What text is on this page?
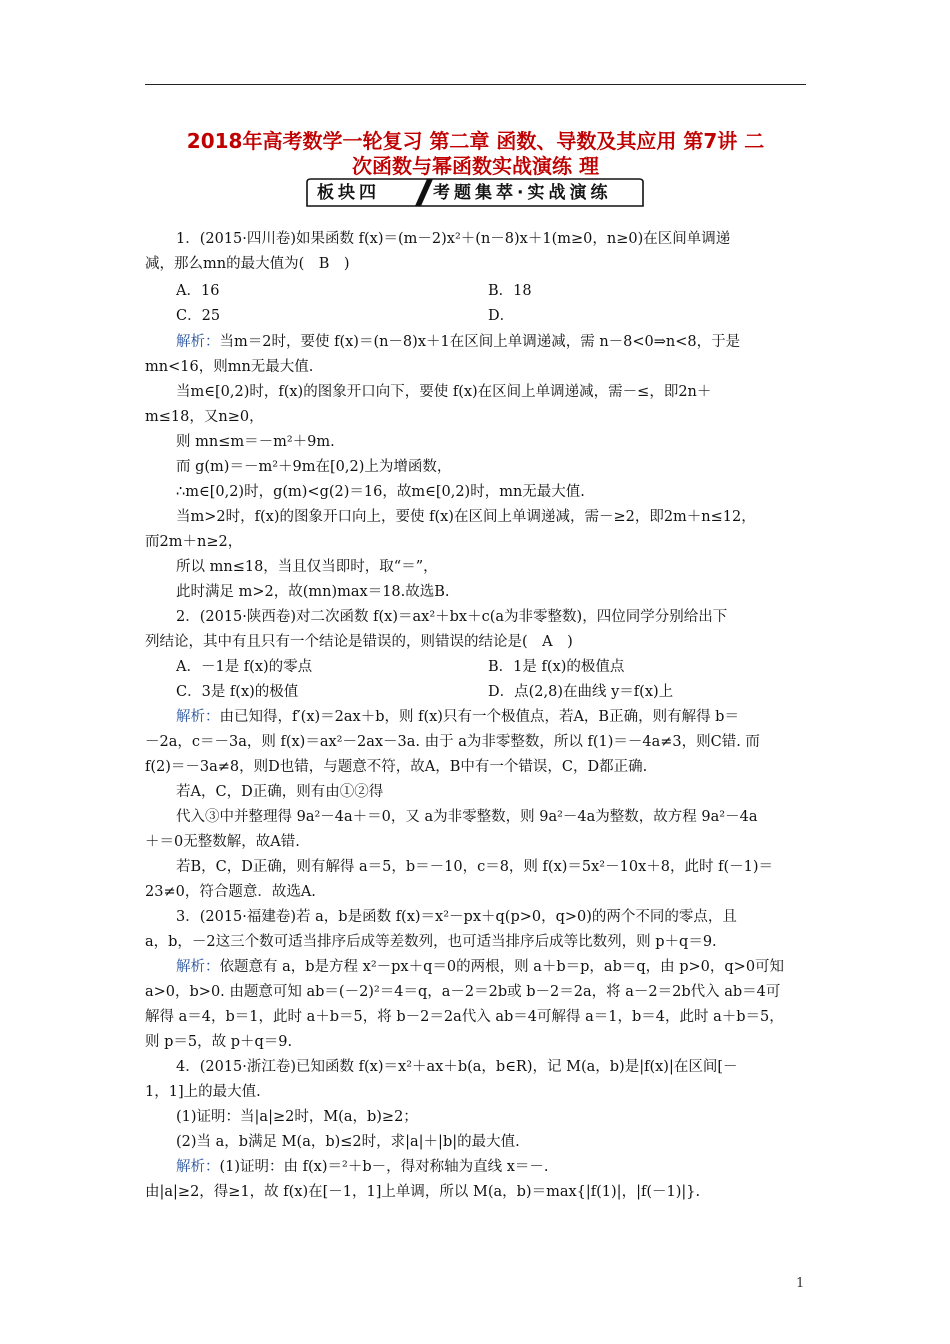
2018年高考数学一轮复习 第二章 函数、导数及其应用 第7讲 二
次函数与幂函数实战演练 理
板块四	考题集萃·实战演练
1．(2015·四川卷)如果函数 f(x)＝(m－2)x²＋(n－8)x＋1(m≥0，n≥0)在区间单调递
减，那么mn的最大值为(　B　)
A．16	B．18
C．25	D．
解析：当m＝2时，要使 f(x)＝(n－8)x＋1在区间上单调递减，需 n－8<0⇒n<8，于是
mn<16，则mn无最大值.
当m∈[0,2)时，f(x)的图象开口向下，要使 f(x)在区间上单调递减，需－≤，即2n＋
m≤18，又n≥0，
则 mn≤m＝－m²＋9m.
而 g(m)＝－m²＋9m在[0,2)上为增函数，
∴m∈[0,2)时，g(m)<g(2)＝16，故m∈[0,2)时，mn无最大值.
当m>2时，f(x)的图象开口向上，要使 f(x)在区间上单调递减，需－≥2，即2m＋n≤12，
而2m＋n≥2，
所以 mn≤18，当且仅当即时，取“＝”，
此时满足 m>2，故(mn)max＝18.故选B.
2．(2015·陕西卷)对二次函数 f(x)＝ax²＋bx＋c(a为非零整数)，四位同学分别给出下
列结论，其中有且只有一个结论是错误的，则错误的结论是(　A　)
A．－1是 f(x)的零点	B．1是 f(x)的极值点
C．3是 f(x)的极值	D．点(2,8)在曲线 y＝f(x)上
解析：由已知得，f′(x)＝2ax＋b，则 f(x)只有一个极值点，若A，B正确，则有解得 b＝
－2a，c＝－3a，则 f(x)＝ax²－2ax－3a. 由于 a为非零整数，所以 f(1)＝－4a≠3，则C错. 而
f(2)＝－3a≠8，则D也错，与题意不符，故A，B中有一个错误，C，D都正确.
若A，C，D正确，则有由①②得
代入③中并整理得 9a²－4a＋＝0，又 a为非零整数，则 9a²－4a为整数，故方程 9a²－4a
＋＝0无整数解，故A错.
若B，C，D正确，则有解得 a＝5，b＝－10，c＝8，则 f(x)＝5x²－10x＋8，此时 f(－1)＝
23≠0，符合题意．故选A.
3．(2015·福建卷)若 a，b是函数 f(x)＝x²－px＋q(p>0，q>0)的两个不同的零点，且
a，b，－2这三个数可适当排序后成等差数列，也可适当排序后成等比数列，则 p＋q＝9.
解析：依题意有 a，b是方程 x²－px＋q＝0的两根，则 a＋b＝p，ab＝q，由 p>0，q>0可知
a>0，b>0. 由题意可知 ab＝(－2)²＝4＝q，a－2＝2b或 b－2＝2a，将 a－2＝2b代入 ab＝4可
解得 a＝4，b＝1，此时 a＋b＝5，将 b－2＝2a代入 ab＝4可解得 a＝1，b＝4，此时 a＋b＝5，
则 p＝5，故 p＋q＝9.
4．(2015·浙江卷)已知函数 f(x)＝x²＋ax＋b(a，b∈R)，记 M(a，b)是|f(x)|在区间[－
1，1]上的最大值.
(1)证明：当|a|≥2时，M(a，b)≥2；
(2)当 a，b满足 M(a，b)≤2时，求|a|＋|b|的最大值.
解析：(1)证明：由 f(x)＝²＋b－，得对称轴为直线 x＝－.
由|a|≥2，得≥1，故 f(x)在[－1，1]上单调，所以 M(a，b)＝max{|f(1)|，|f(－1)|}.
1
